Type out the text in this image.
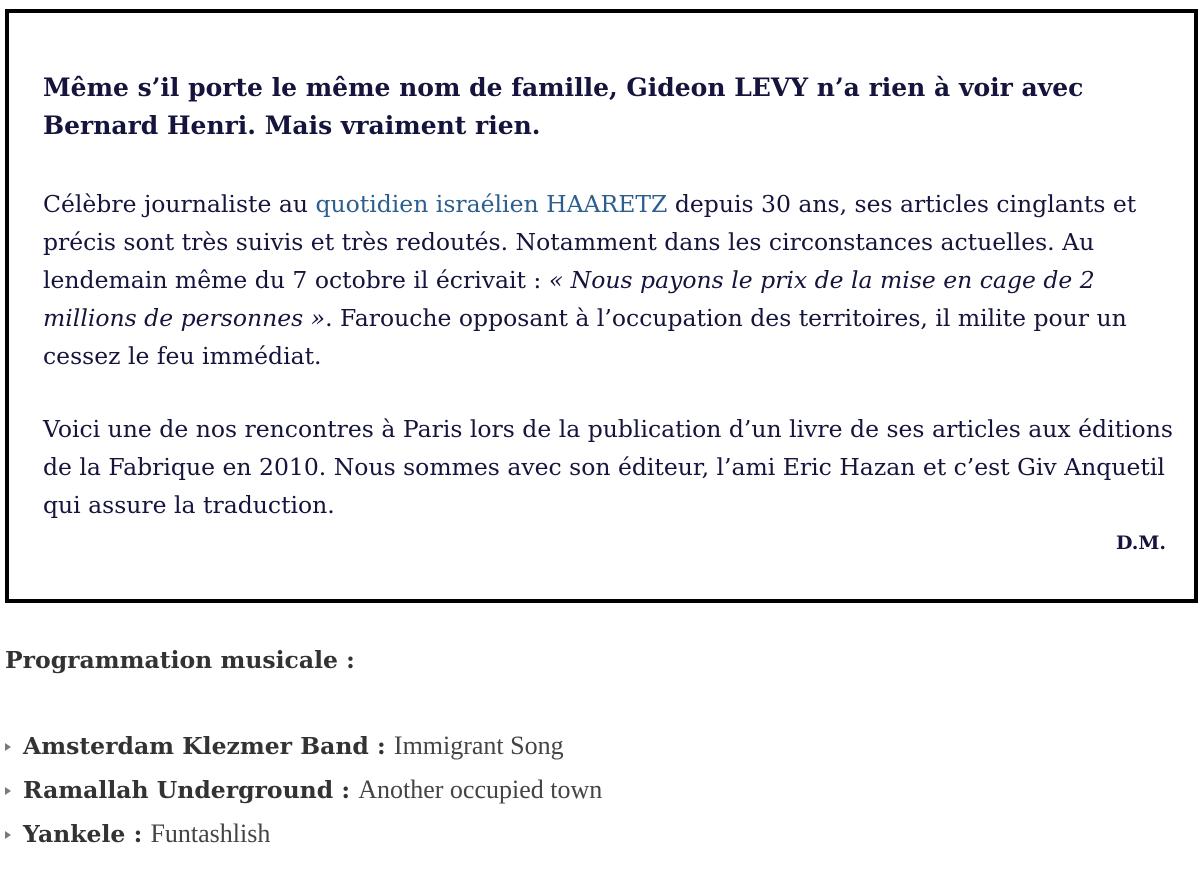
Même s’il porte le même nom de famille, Gideon LEVY n’a rien à voir avec Bernard Henri. Mais vraiment rien.

Célèbre journaliste au quotidien israélien HAARETZ depuis 30 ans, ses articles cinglants et précis sont très suivis et très redoutés. Notamment dans les circonstances actuelles. Au lendemain même du 7 octobre il écrivait : « Nous payons le prix de la mise en cage de 2 millions de personnes ». Farouche opposant à l’occupation des territoires, il milite pour un cessez le feu immédiat.

Voici une de nos rencontres à Paris lors de la publication d’un livre de ses articles aux éditions de la Fabrique en 2010. Nous sommes avec son éditeur, l’ami Eric Hazan et c’est Giv Anquetil qui assure la traduction.

D.M.

Programmation musicale :

Amsterdam Klezmer Band : Immigrant Song
Ramallah Underground : Another occupied town
Yankele : Funtashlish
